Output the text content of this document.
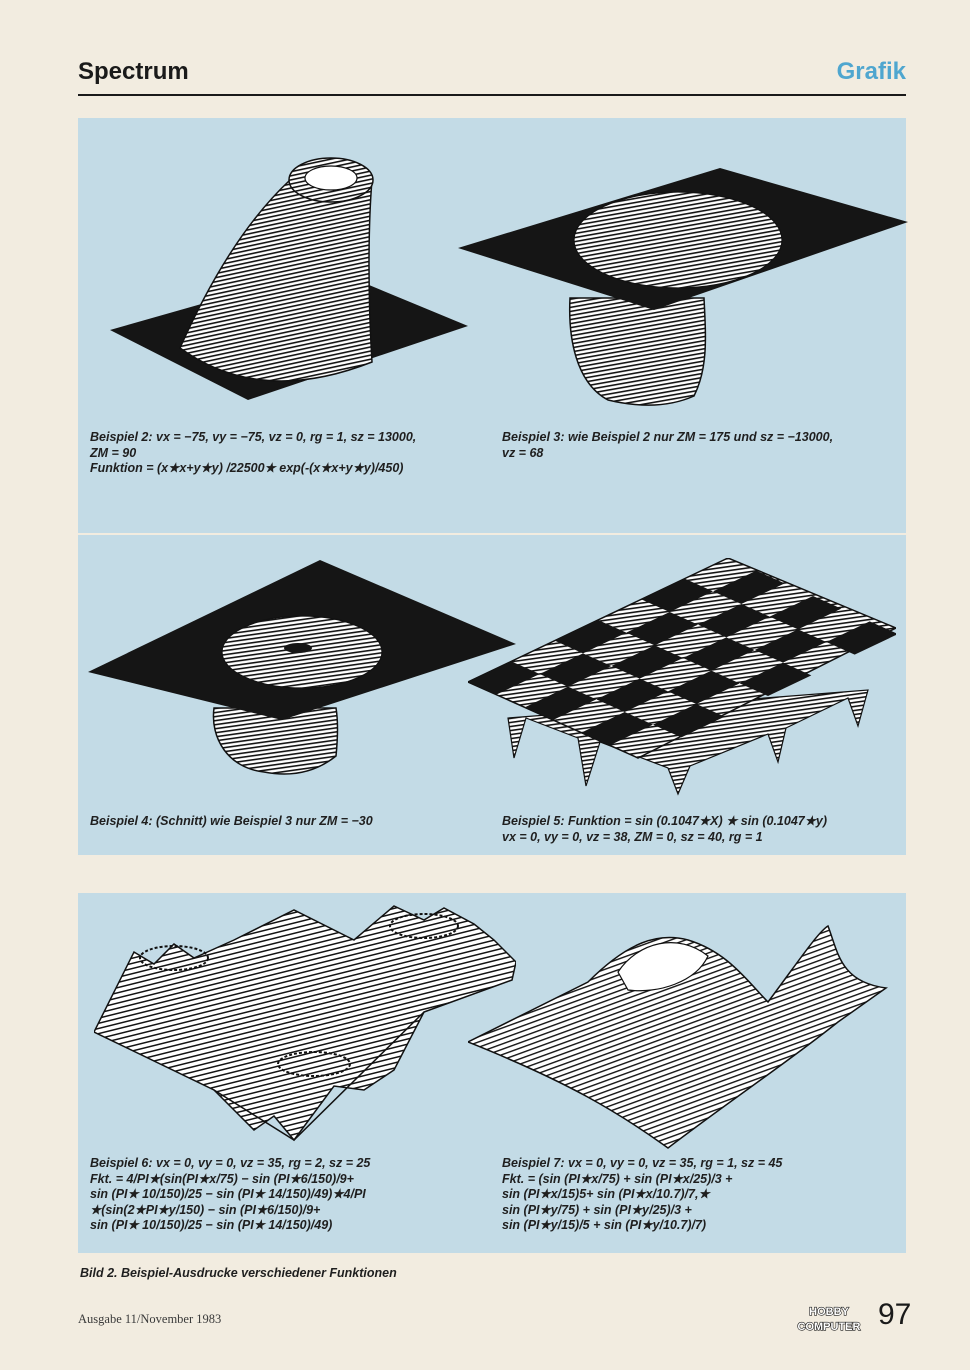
Spectrum	Grafik

Beispiel 2: vx = −75, vy = −75, vz = 0, rg = 1, sz = 13000,
ZM = 90
Funktion = (x★x+y★y) /22500★ exp(-(x★x+y★y)/450)

Beispiel 3: wie Beispiel 2 nur ZM = 175 und sz = −13000,
vz = 68

Beispiel 4: (Schnitt) wie Beispiel 3 nur ZM = −30	Beispiel 5: Funktion = sin (0.1047★X) ★ sin (0.1047★y)
vx = 0, vy = 0, vz = 38, ZM = 0, sz = 40, rg = 1

Beispiel 6: vx = 0, vy = 0, vz = 35, rg = 2, sz = 25
Fkt. = 4/PI★(sin(PI★x/75) − sin (PI★6/150)/9+
sin (PI★ 10/150)/25 − sin (PI★ 14/150)/49)★4/PI
★(sin(2★PI★y/150) − sin (PI★6/150)/9+
sin (PI★ 10/150)/25 − sin (PI★ 14/150)/49)

Beispiel 7: vx = 0, vy = 0, vz = 35, rg = 1, sz = 45
Fkt. = (sin (PI★x/75) + sin (PI★x/25)/3 +
sin (PI★x/15)5+ sin (PI★x/10.7)/7,★
sin (PI★y/75) + sin (PI★y/25)/3 +
sin (PI★y/15)/5 + sin (PI★y/10.7)/7)

Bild 2. Beispiel-Ausdrucke verschiedener Funktionen
Ausgabe 11/November 1983	HOBBY
COMPUTER 97
